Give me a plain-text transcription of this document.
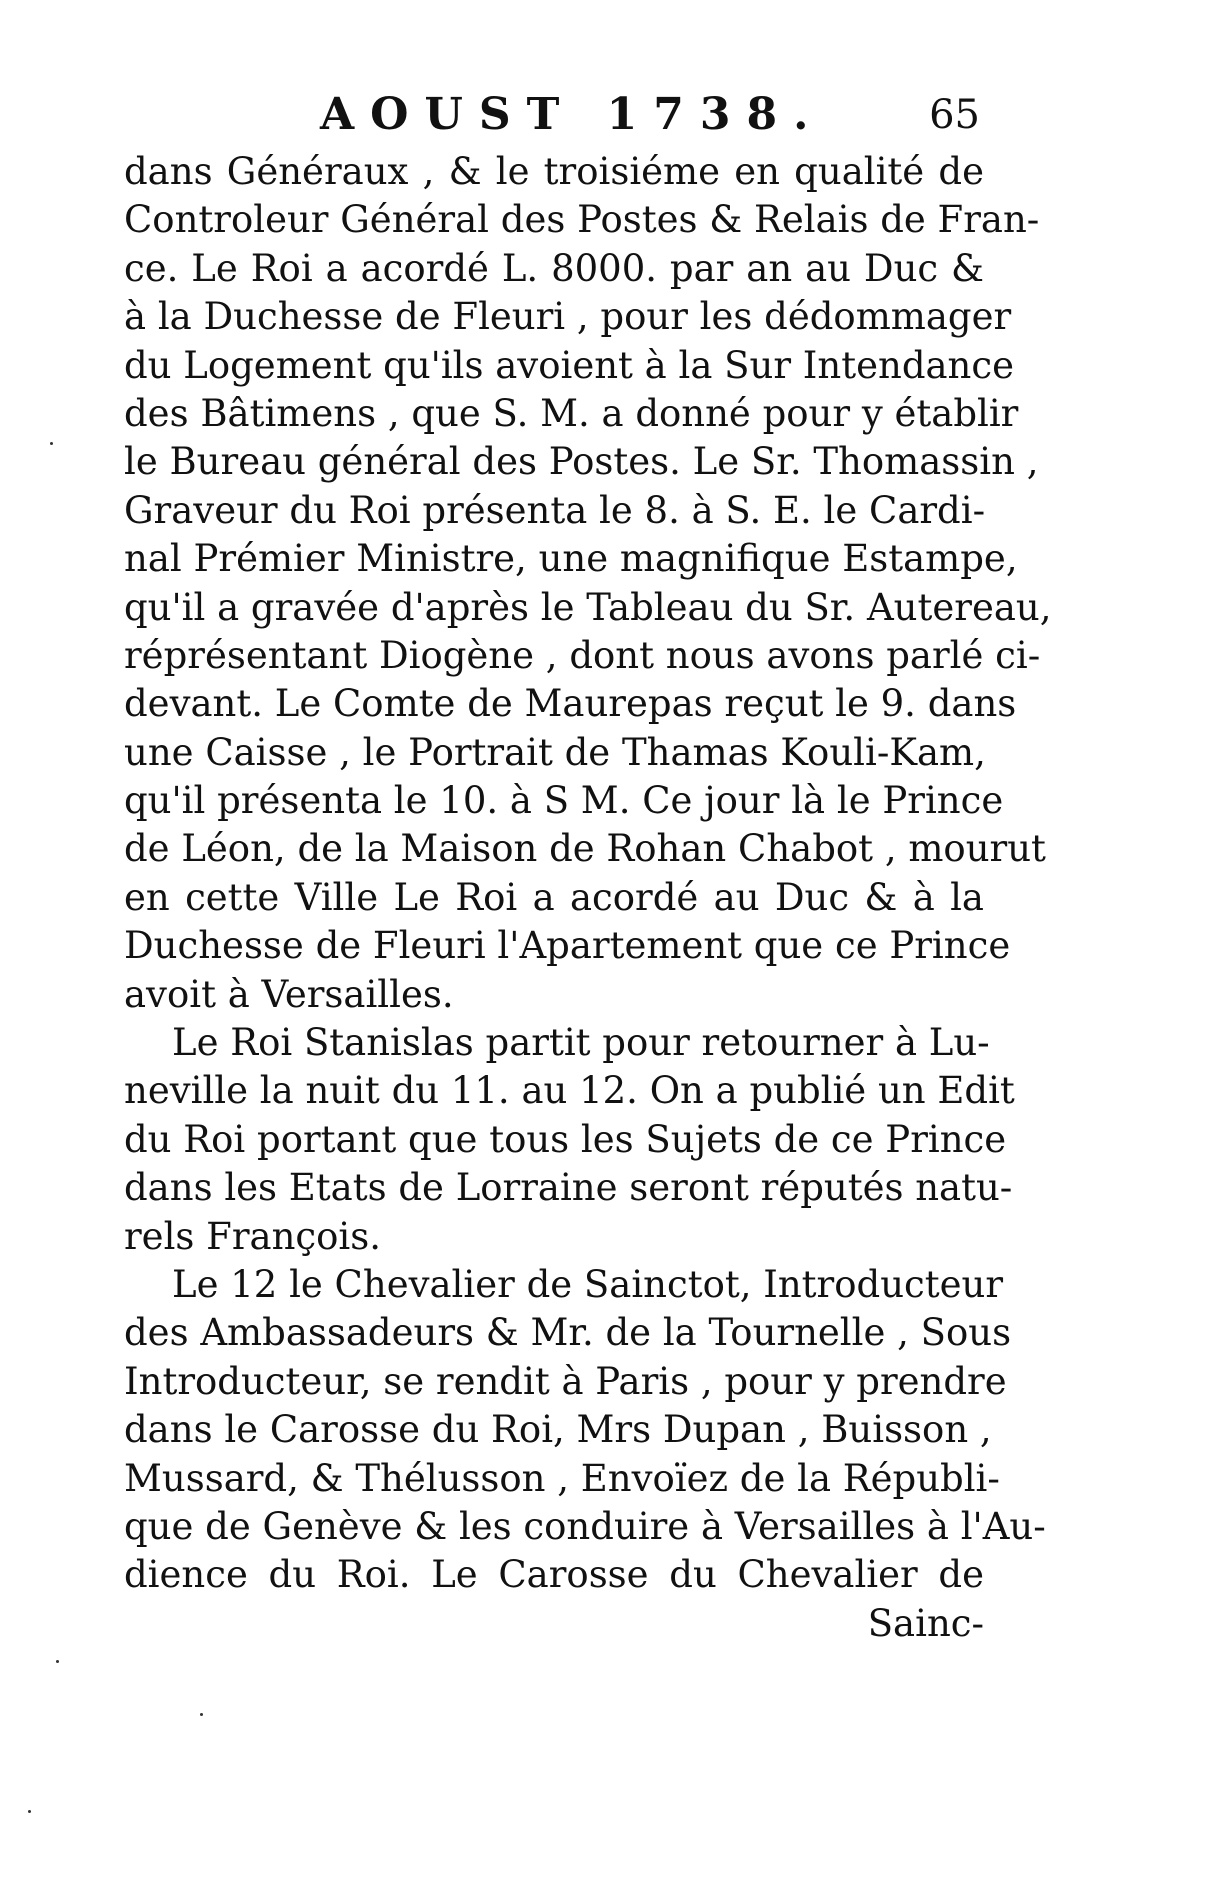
AOUST 1738.	65
dans Généraux , & le troisiéme en qualité de
Controleur Général des Postes & Relais de Fran-
ce. Le Roi a acordé L. 8000. par an au Duc &
à la Duchesse de Fleuri , pour les dédommager
du Logement qu'ils avoient à la Sur Intendance
des Bâtimens , que S. M. a donné pour y établir
le Bureau général des Postes. Le Sr. Thomassin ,
Graveur du Roi présenta le 8. à S. E. le Cardi-
nal Prémier Ministre, une magnifique Estampe,
qu'il a gravée d'après le Tableau du Sr. Autereau,
réprésentant Diogène , dont nous avons parlé ci-
devant. Le Comte de Maurepas reçut le 9. dans
une Caisse , le Portrait de Thamas Kouli-Kam,
qu'il présenta le 10. à S M. Ce jour là le Prince
de Léon, de la Maison de Rohan Chabot , mourut
en cette Ville Le Roi a acordé au Duc & à la
Duchesse de Fleuri l'Apartement que ce Prince
avoit à Versailles.
Le Roi Stanislas partit pour retourner à Lu-
neville la nuit du 11. au 12. On a publié un Edit
du Roi portant que tous les Sujets de ce Prince
dans les Etats de Lorraine seront réputés natu-
rels François.
Le 12 le Chevalier de Sainctot, Introducteur
des Ambassadeurs & Mr. de la Tournelle , Sous
Introducteur, se rendit à Paris , pour y prendre
dans le Carosse du Roi, Mrs Dupan , Buisson ,
Mussard, & Thélusson , Envoïez de la Républi-
que de Genève & les conduire à Versailles à l'Au-
dience du Roi. Le Carosse du Chevalier de
Sainc-
